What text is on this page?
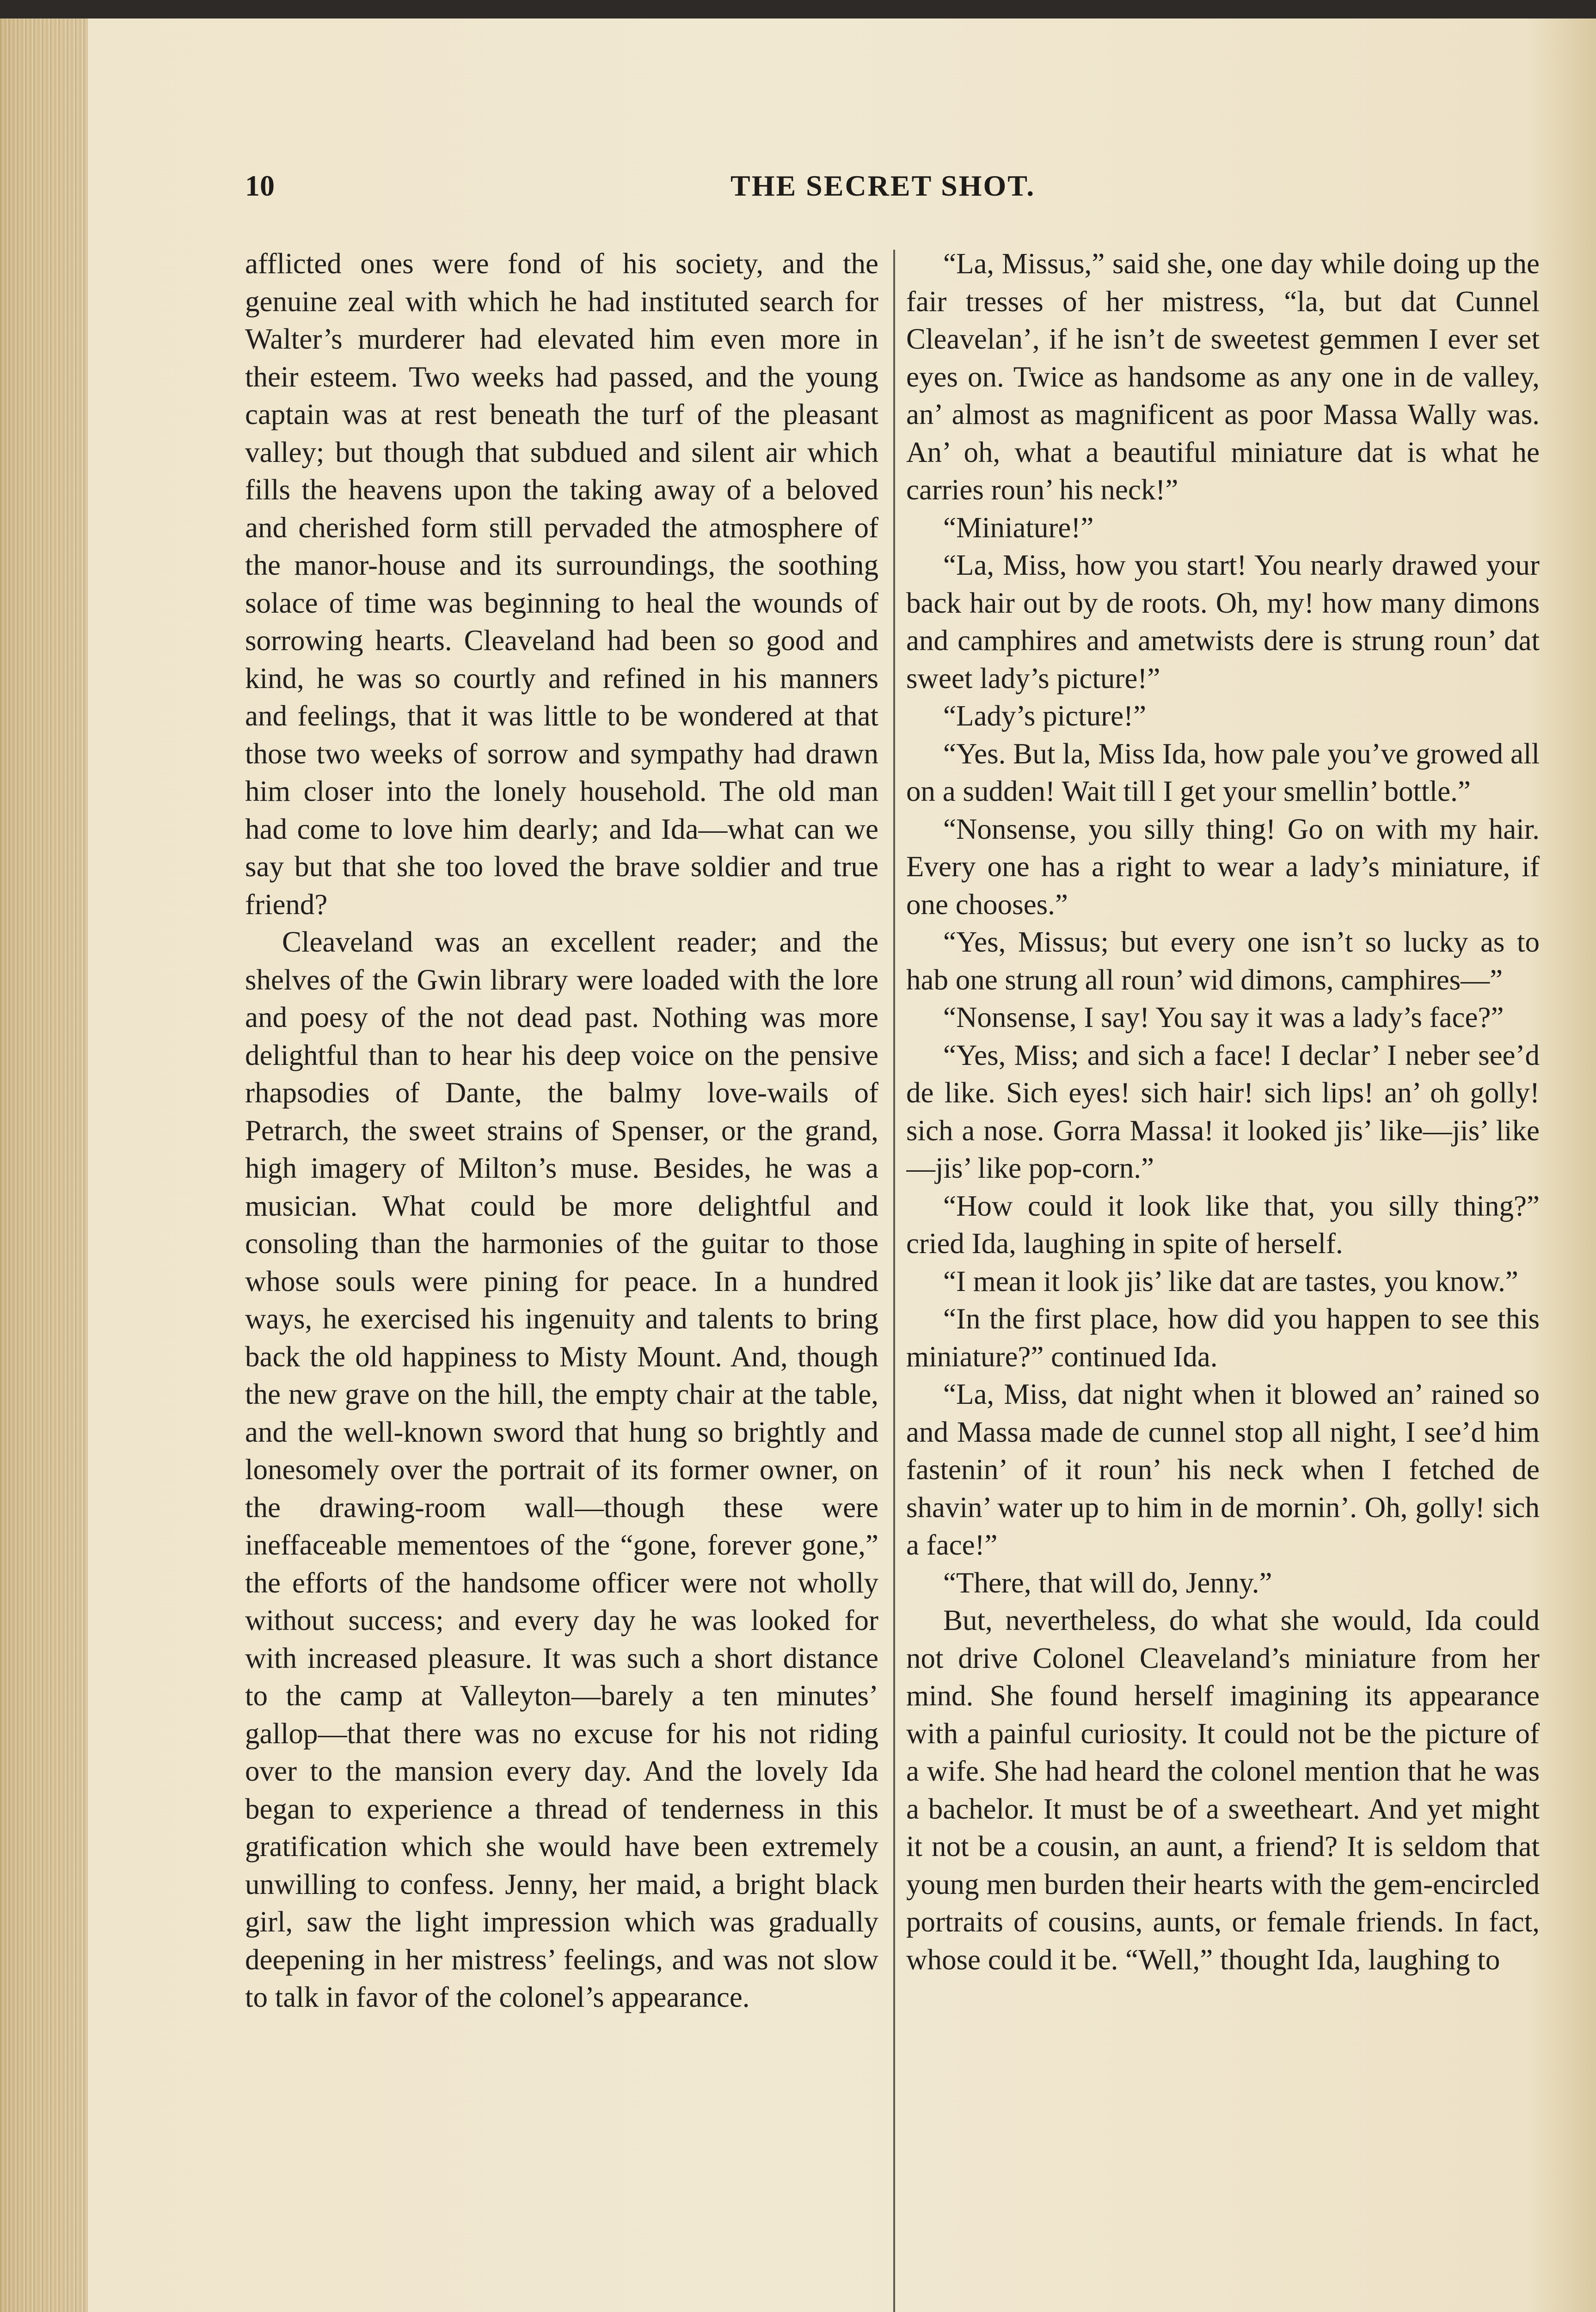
10	THE SECRET SHOT.

afflicted ones were fond of his society, and the genuine zeal with which he had instituted search for Walter’s murderer had elevated him even more in their esteem. Two weeks had passed, and the young captain was at rest beneath the turf of the pleasant valley; but though that subdued and silent air which fills the heavens upon the taking away of a beloved and cherished form still pervaded the atmosphere of the manor-house and its surroundings, the soothing solace of time was beginning to heal the wounds of sorrowing hearts. Cleaveland had been so good and kind, he was so courtly and refined in his manners and feelings, that it was little to be wondered at that those two weeks of sorrow and sympathy had drawn him closer into the lonely household. The old man had come to love him dearly; and Ida—what can we say but that she too loved the brave soldier and true friend?

Cleaveland was an excellent reader; and the shelves of the Gwin library were loaded with the lore and poesy of the not dead past. Nothing was more delightful than to hear his deep voice on the pensive rhapsodies of Dante, the balmy love-wails of Petrarch, the sweet strains of Spenser, or the grand, high imagery of Milton’s muse. Besides, he was a musician. What could be more delightful and consoling than the harmonies of the guitar to those whose souls were pining for peace. In a hundred ways, he exercised his ingenuity and talents to bring back the old happiness to Misty Mount. And, though the new grave on the hill, the empty chair at the table, and the well-known sword that hung so brightly and lonesomely over the portrait of its former owner, on the drawing-room wall—though these were ineffaceable mementoes of the “gone, forever gone,” the efforts of the handsome officer were not wholly without success; and every day he was looked for with increased pleasure. It was such a short distance to the camp at Valleyton—barely a ten minutes’ gallop—that there was no excuse for his not riding over to the mansion every day. And the lovely Ida began to experience a thread of tenderness in this gratification which she would have been extremely unwilling to confess. Jenny, her maid, a bright black girl, saw the light impression which was gradually deepening in her mistress’ feelings, and was not slow to talk in favor of the colonel’s appearance.

“La, Missus,” said she, one day while doing up the fair tresses of her mistress, “la, but dat Cunnel Cleavelan’, if he isn’t de sweetest gemmen I ever set eyes on. Twice as handsome as any one in de valley, an’ almost as magnificent as poor Massa Wally was. An’ oh, what a beautiful miniature dat is what he carries roun’ his neck!”

“Miniature!”

“La, Miss, how you start! You nearly drawed your back hair out by de roots. Oh, my! how many dimons and camphires and ametwists dere is strung roun’ dat sweet lady’s picture!”

“Lady’s picture!”

“Yes. But la, Miss Ida, how pale you’ve growed all on a sudden! Wait till I get your smellin’ bottle.”

“Nonsense, you silly thing! Go on with my hair. Every one has a right to wear a lady’s miniature, if one chooses.”

“Yes, Missus; but every one isn’t so lucky as to hab one strung all roun’ wid dimons, camphires—”

“Nonsense, I say! You say it was a lady’s face?”

“Yes, Miss; and sich a face! I declar’ I neber see’d de like. Sich eyes! sich hair! sich lips! an’ oh golly! sich a nose. Gorra Massa! it looked jis’ like—jis’ like—jis’ like pop-corn.”

“How could it look like that, you silly thing?” cried Ida, laughing in spite of herself.

“I mean it look jis’ like dat are tastes, you know.”

“In the first place, how did you happen to see this miniature?” continued Ida.

“La, Miss, dat night when it blowed an’ rained so and Massa made de cunnel stop all night, I see’d him fastenin’ of it roun’ his neck when I fetched de shavin’ water up to him in de mornin’. Oh, golly! sich a face!”

“There, that will do, Jenny.”

But, nevertheless, do what she would, Ida could not drive Colonel Cleaveland’s miniature from her mind. She found herself imagining its appearance with a painful curiosity. It could not be the picture of a wife. She had heard the colonel mention that he was a bachelor. It must be of a sweetheart. And yet might it not be a cousin, an aunt, a friend? It is seldom that young men burden their hearts with the gem-encircled portraits of cousins, aunts, or female friends. In fact, whose could it be. “Well,” thought Ida, laughing to
